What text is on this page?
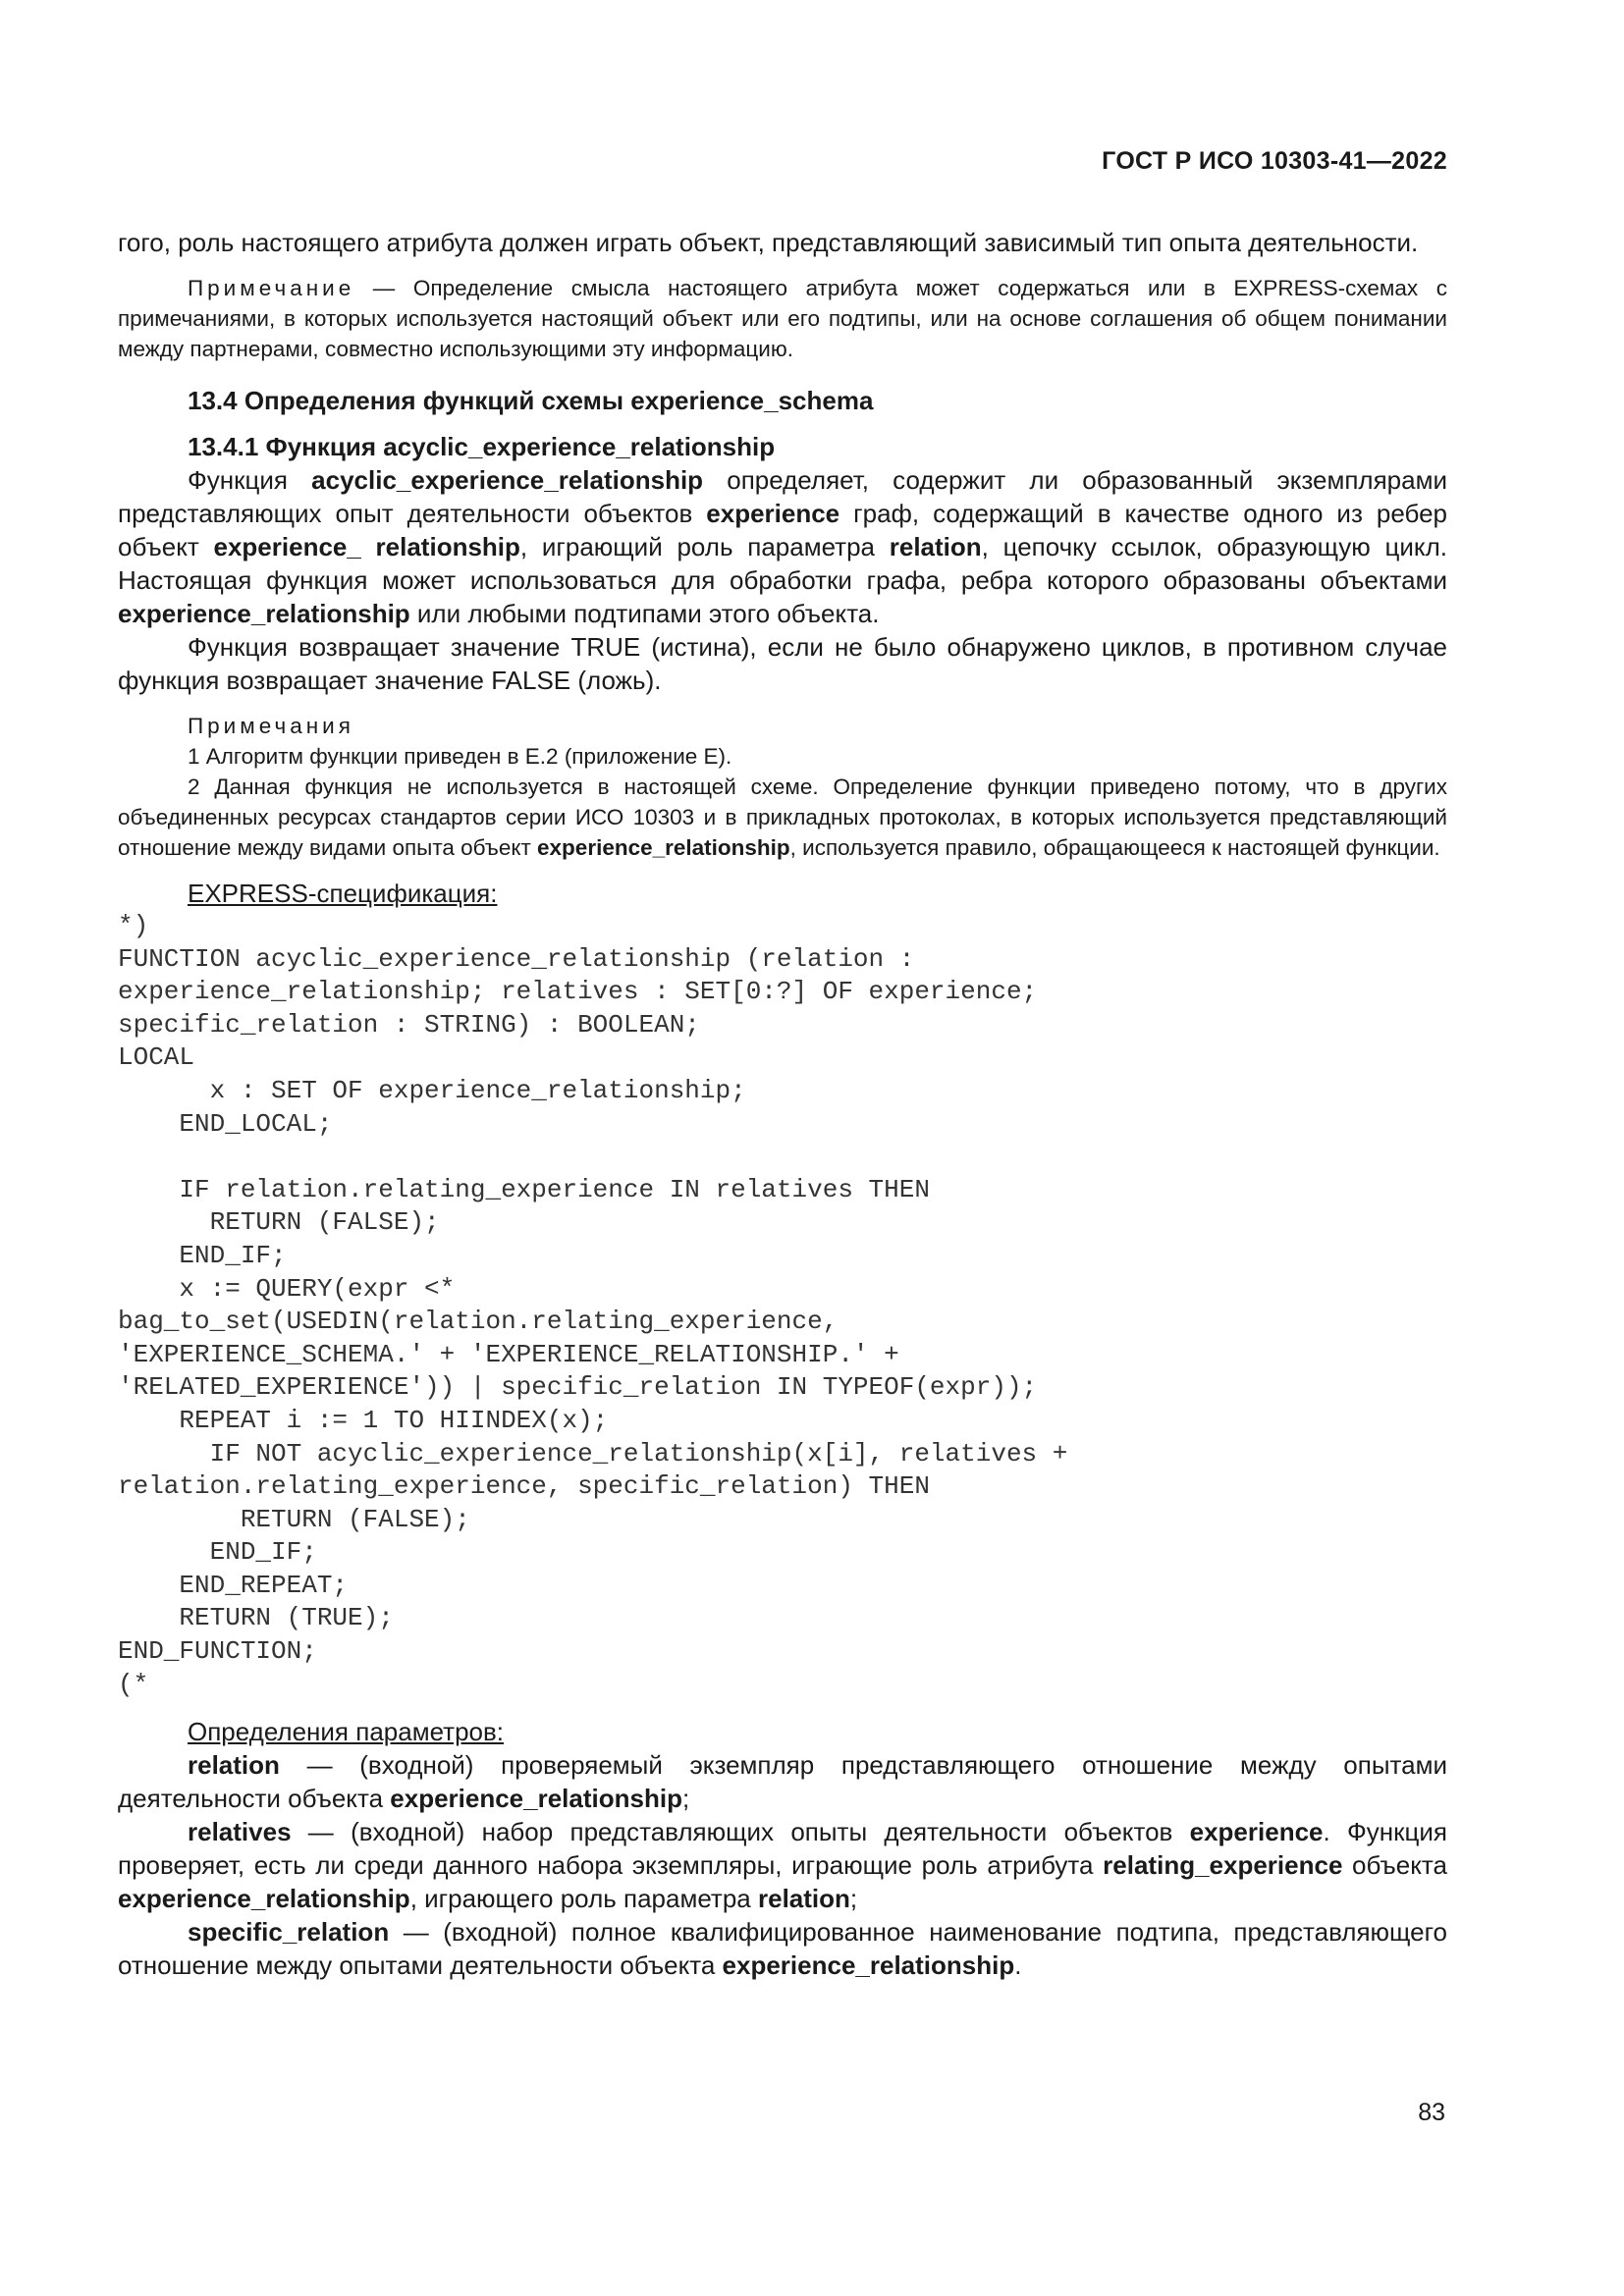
ГОСТ Р ИСО 10303-41—2022

гого, роль настоящего атрибута должен играть объект, представляющий зависимый тип опыта деятельности.

Примечание — Определение смысла настоящего атрибута может содержаться или в EXPRESS-схемах с примечаниями, в которых используется настоящий объект или его подтипы, или на основе соглашения об общем понимании между партнерами, совместно использующими эту информацию.

13.4 Определения функций схемы experience_schema

13.4.1 Функция acyclic_experience_relationship

Функция acyclic_experience_relationship определяет, содержит ли образованный экземплярами представляющих опыт деятельности объектов experience граф, содержащий в качестве одного из ребер объект experience_ relationship, играющий роль параметра relation, цепочку ссылок, образующую цикл. Настоящая функция может использоваться для обработки графа, ребра которого образованы объектами experience_relationship или любыми подтипами этого объекта.

Функция возвращает значение TRUE (истина), если не было обнаружено циклов, в противном случае функция возвращает значение FALSE (ложь).

Примечания

1 Алгоритм функции приведен в E.2 (приложение E).

2 Данная функция не используется в настоящей схеме. Определение функции приведено потому, что в других объединенных ресурсах стандартов серии ИСО 10303 и в прикладных протоколах, в которых используется представляющий отношение между видами опыта объект experience_relationship, используется правило, обращающееся к настоящей функции.

EXPRESS-спецификация:

*)
FUNCTION acyclic_experience_relationship (relation :
experience_relationship; relatives : SET[0:?] OF experience;
specific_relation : STRING) : BOOLEAN;
LOCAL
x : SET OF experience_relationship;
END_LOCAL;

IF relation.relating_experience IN relatives THEN
RETURN (FALSE);
END_IF;
x := QUERY(expr <*
bag_to_set(USEDIN(relation.relating_experience,
'EXPERIENCE_SCHEMA.' + 'EXPERIENCE_RELATIONSHIP.' +
'RELATED_EXPERIENCE')) | specific_relation IN TYPEOF(expr));
REPEAT i := 1 TO HIINDEX(x);
IF NOT acyclic_experience_relationship(x[i], relatives +
relation.relating_experience, specific_relation) THEN
RETURN (FALSE);
END_IF;
END_REPEAT;
RETURN (TRUE);
END_FUNCTION;
(*

Определения параметров:

relation — (входной) проверяемый экземпляр представляющего отношение между опытами деятельности объекта experience_relationship;

relatives — (входной) набор представляющих опыты деятельности объектов experience. Функция проверяет, есть ли среди данного набора экземпляры, играющие роль атрибута relating_experience объекта experience_relationship, играющего роль параметра relation;

specific_relation — (входной) полное квалифицированное наименование подтипа, представляющего отношение между опытами деятельности объекта experience_relationship.

83
